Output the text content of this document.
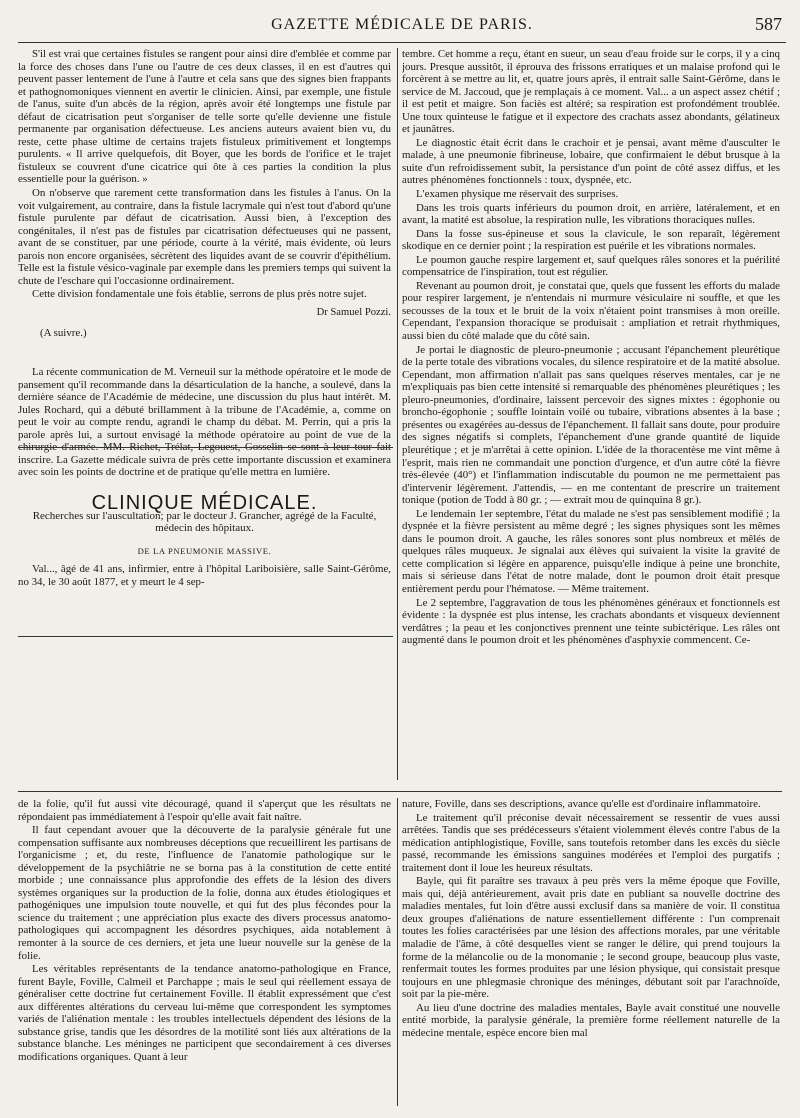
GAZETTE MÉDICALE DE PARIS.	587

S'il est vrai que certaines fistules se rangent pour ainsi dire d'emblée et comme par la force des choses dans l'une ou l'autre de ces deux classes, il en est d'autres qui peuvent passer lentement de l'une à l'autre et cela sans que des signes bien frappants et pathognomoniques viennent en avertir le clinicien. Ainsi, par exemple, une fistule de l'anus, suite d'un abcès de la région, après avoir été longtemps une fistule par défaut de cicatrisation peut s'organiser de telle sorte qu'elle devienne une fistule permanente par organisation défectueuse. Les anciens auteurs avaient bien vu, du reste, cette phase ultime de certains trajets fistuleux primitivement et longtemps purulents. « Il arrive quelquefois, dit Boyer, que les bords de l'orifice et le trajet fistuleux se couvrent d'une cicatrice qui ôte à ces parties la condition la plus essentielle pour la guérison. »

On n'observe que rarement cette transformation dans les fistules à l'anus. On la voit vulgairement, au contraire, dans la fistule lacrymale qui n'est tout d'abord qu'une fistule purulente par défaut de cicatrisation. Aussi bien, à l'exception des congénitales, il n'est pas de fistules par cicatrisation défectueuses qui ne passent, avant de se constituer, par une période, courte à la vérité, mais évidente, où leurs parois non encore organisées, sécrètent des liquides avant de se couvrir d'épithélium. Telle est la fistule vésico-vaginale par exemple dans les premiers temps qui suivent la chute de l'eschare qui l'occasionne ordinairement.

Cette division fondamentale une fois établie, serrons de plus près notre sujet.

Dr Samuel Pozzi.

(A suivre.)

La récente communication de M. Verneuil sur la méthode opératoire et le mode de pansement qu'il recommande dans la désarticulation de la hanche, a soulevé, dans la dernière séance de l'Académie de médecine, une discussion du plus haut intérêt. M. Jules Rochard, qui a débuté brillamment à la tribune de l'Académie, a, comme on peut le voir au compte rendu, agrandi le champ du débat. M. Perrin, qui a pris la parole après lui, a surtout envisagé la méthode opératoire au point de vue de la chirurgie d'armée. MM. Richet, Trélat, Legouest, Gosselin se sont à leur tour fait inscrire. La Gazette médicale suivra de près cette importante discussion et examinera avec soin les points de doctrine et de pratique qu'elle mettra en lumière.

CLINIQUE MÉDICALE.

Recherches sur l'auscultation; par le docteur J. Grancher, agrégé de la Faculté, médecin des hôpitaux.

DE LA PNEUMONIE MASSIVE.

Val..., âgé de 41 ans, infirmier, entre à l'hôpital Lariboisière, salle Saint-Gérôme, no 34, le 30 août 1877, et y meurt le 4 sep-

tembre. Cet homme a reçu, étant en sueur, un seau d'eau froide sur le corps, il y a cinq jours. Presque aussitôt, il éprouva des frissons erratiques et un malaise profond qui le forcèrent à se mettre au lit, et, quatre jours après, il entrait salle Saint-Gérôme, dans le service de M. Jaccoud, que je remplaçais à ce moment. Val... a un aspect assez chétif ; il est petit et maigre. Son faciès est altéré; sa respiration est profondément troublée. Une toux quinteuse le fatigue et il expectore des crachats assez abondants, gélatineux et jaunâtres.

Le diagnostic était écrit dans le crachoir et je pensai, avant même d'ausculter le malade, à une pneumonie fibrineuse, lobaire, que confirmaient le début brusque à la suite d'un refroidissement subit, la persistance d'un point de côté assez diffus, et les autres phénomènes fonctionnels : toux, dyspnée, etc.

L'examen physique me réservait des surprises.

Dans les trois quarts inférieurs du poumon droit, en arrière, latéralement, et en avant, la matité est absolue, la respiration nulle, les vibrations thoraciques nulles.

Dans la fosse sus-épineuse et sous la clavicule, le son reparaît, légèrement skodique en ce dernier point ; la respiration est puérile et les vibrations normales.

Le poumon gauche respire largement et, sauf quelques râles sonores et la puérilité compensatrice de l'inspiration, tout est régulier.

Revenant au poumon droit, je constatai que, quels que fussent les efforts du malade pour respirer largement, je n'entendais ni murmure vésiculaire ni souffle, et que les secousses de la toux et le bruit de la voix n'étaient point transmises à mon oreille. Cependant, l'expansion thoracique se produisait : ampliation et retrait rhythmiques, aussi bien du côté malade que du côté sain.

Je portai le diagnostic de pleuro-pneumonie ; accusant l'épanchement pleurétique de la perte totale des vibrations vocales, du silence respiratoire et de la matité absolue. Cependant, mon affirmation n'allait pas sans quelques réserves mentales, car je ne m'expliquais pas bien cette intensité si remarquable des phénomènes pleurétiques ; les pleuro-pneumonies, d'ordinaire, laissent percevoir des signes mixtes : égophonie ou broncho-égophonie ; souffle lointain voilé ou tubaire, vibrations absentes à la base ; présentes ou exagérées au-dessus de l'épanchement. Il fallait sans doute, pour produire des signes négatifs si complets, l'épanchement d'une grande quantité de liquide pleurétique ; et je m'arrêtai à cette opinion. L'idée de la thoracentèse me vint même à l'esprit, mais rien ne commandait une ponction d'urgence, et d'un autre côté la fièvre très-élevée (40°) et l'inflammation indiscutable du poumon ne me permettaient pas d'intervenir légèrement. J'attendis, — en me contentant de prescrire un traitement tonique (potion de Todd à 80 gr. ; — extrait mou de quinquina 8 gr.).

Le lendemain 1er septembre, l'état du malade ne s'est pas sensiblement modifié ; la dyspnée et la fièvre persistent au même degré ; les signes physiques sont les mêmes dans le poumon droit. A gauche, les râles sonores sont plus nombreux et mêlés de quelques râles muqueux. Je signalai aux élèves qui suivaient la visite la gravité de cette complication si légère en apparence, puisqu'elle indique à peine une bronchite, mais si sérieuse dans l'état de notre malade, dont le poumon droit était presque entièrement perdu pour l'hématose. — Même traitement.

Le 2 septembre, l'aggravation de tous les phénomènes généraux et fonctionnels est évidente : la dyspnée est plus intense, les crachats abondants et visqueux deviennent verdâtres ; la peau et les conjonctives prennent une teinte subictérique. Les râles ont augmenté dans le poumon droit et les phénomènes d'asphyxie commencent. Ce-

de la folie, qu'il fut aussi vite découragé, quand il s'aperçut que les résultats ne répondaient pas immédiatement à l'espoir qu'elle avait fait naître.

Il faut cependant avouer que la découverte de la paralysie générale fut une compensation suffisante aux nombreuses déceptions que recueillirent les partisans de l'organicisme ; et, du reste, l'influence de l'anatomie pathologique sur le développement de la psychiâtrie ne se borna pas à la constitution de cette entité morbide ; une connaissance plus approfondie des effets de la lésion des divers systèmes organiques sur la production de la folie, donna aux études étiologiques et pathogéniques une impulsion toute nouvelle, et qui fut des plus fécondes pour la science du traitement ; une appréciation plus exacte des divers processus anatomo-pathologiques qui accompagnent les désordres psychiques, aida notablement à remonter à la source de ces derniers, et jeta une lueur nouvelle sur la genèse de la folie.

Les véritables représentants de la tendance anatomo-pathologique en France, furent Bayle, Foville, Calmeil et Parchappe ; mais le seul qui réellement essaya de généraliser cette doctrine fut certainement Foville. Il établit expressément que c'est aux différentes altérations du cerveau lui-même que correspondent les symptomes variés de l'aliénation mentale : les troubles intellectuels dépendent des lésions de la substance grise, tandis que les désordres de la motilité sont liés aux altérations de la substance blanche. Les méninges ne participent que secondairement à ces diverses modifications organiques. Quant à leur

nature, Foville, dans ses descriptions, avance qu'elle est d'ordinaire inflammatoire.

Le traitement qu'il préconise devait nécessairement se ressentir de vues aussi arrêtées. Tandis que ses prédécesseurs s'étaient violemment élevés contre l'abus de la médication antiphlogistique, Foville, sans toutefois retomber dans les excès du siècle passé, recommande les émissions sanguines modérées et l'emploi des purgatifs ; traitement dont il loue les heureux résultats.

Bayle, qui fit paraître ses travaux à peu près vers la même époque que Foville, mais qui, déjà antérieurement, avait pris date en publiant sa nouvelle doctrine des maladies mentales, fut loin d'être aussi exclusif dans sa manière de voir. Il constitua deux groupes d'aliénations de nature essentiellement différente : l'un comprenait toutes les folies caractérisées par une lésion des affections morales, par une véritable maladie de l'âme, à côté desquelles vient se ranger le délire, qui prend toujours la forme de la mélancolie ou de la monomanie ; le second groupe, beaucoup plus vaste, renfermait toutes les formes produites par une lésion physique, qui consistait presque toujours en une phlegmasie chronique des méninges, débutant soit par l'arachnoïde, soit par la pie-mère.

Au lieu d'une doctrine des maladies mentales, Bayle avait constitué une nouvelle entité morbide, la paralysie générale, la première forme réellement naturelle de la médecine mentale, espèce encore bien mal
